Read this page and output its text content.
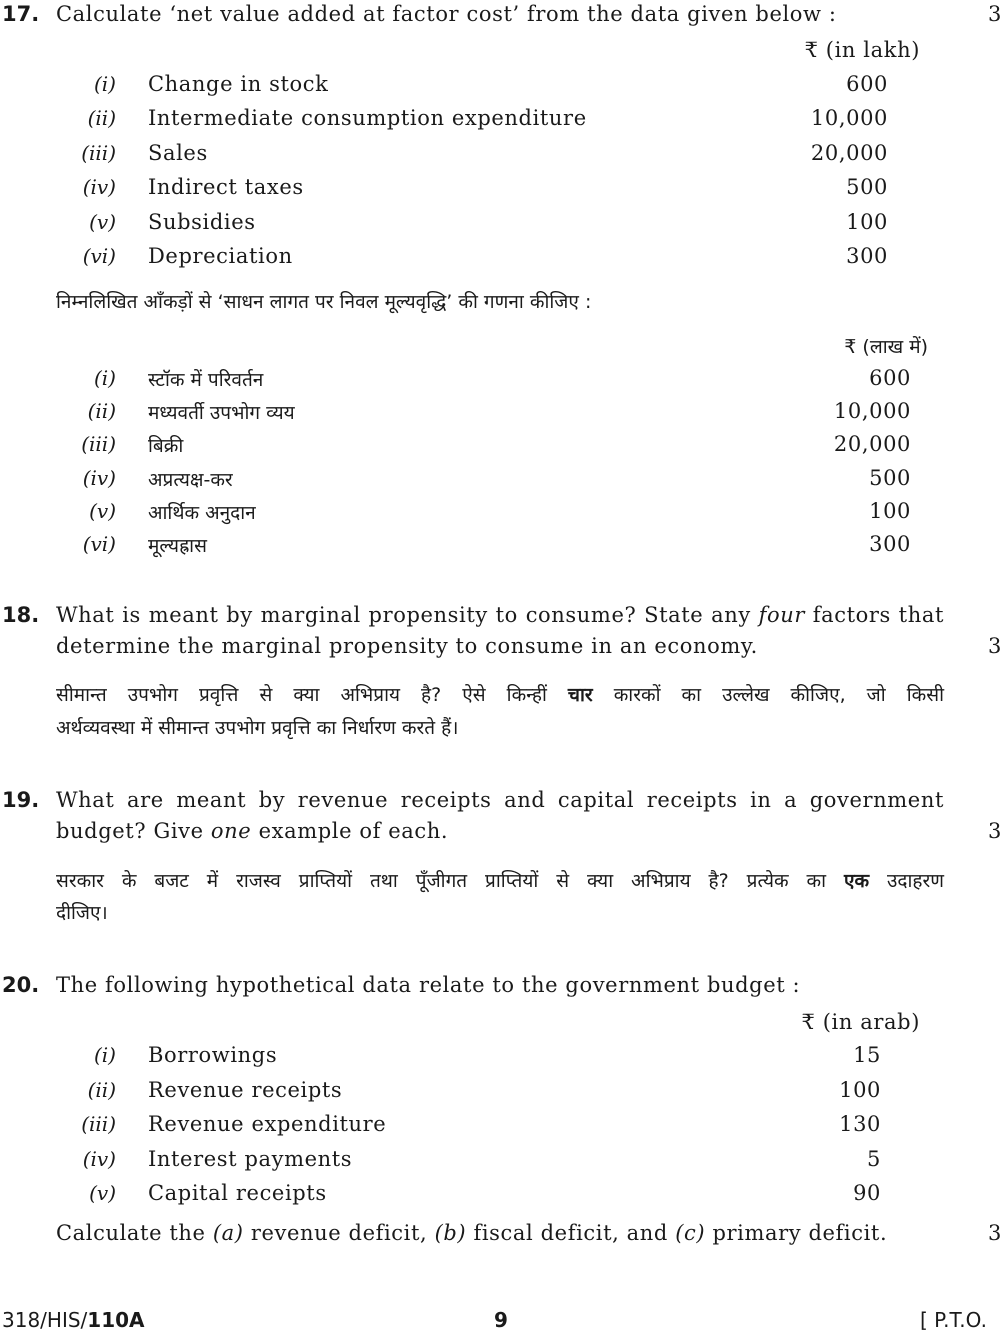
17. Calculate ‘net value added at factor cost’ from the data given below :	3
₹ (in lakh)
(i) Change in stock	600
(ii) Intermediate consumption expenditure	10,000
(iii) Sales	20,000
(iv) Indirect taxes	500
(v) Subsidies	100
(vi) Depreciation	300
निम्नलिखित आँकड़ों से ‘साधन लागत पर निवल मूल्यवृद्धि’ की गणना कीजिए :
₹ (लाख में)
(i) स्टॉक में परिवर्तन	600
(ii) मध्यवर्ती उपभोग व्यय	10,000
(iii) बिक्री	20,000
(iv) अप्रत्यक्ष-कर	500
(v) आर्थिक अनुदान	100
(vi) मूल्यह्रास	300
18. What is meant by marginal propensity to consume? State any four factors that
determine the marginal propensity to consume in an economy.	3
सीमान्त उपभोग प्रवृत्ति से क्या अभिप्राय है? ऐसे किन्हीं चार कारकों का उल्लेख कीजिए, जो किसी
अर्थव्यवस्था में सीमान्त उपभोग प्रवृत्ति का निर्धारण करते हैं।
19. What are meant by revenue receipts and capital receipts in a government
budget? Give one example of each.	3
सरकार के बजट में राजस्व प्राप्तियों तथा पूँजीगत प्राप्तियों से क्या अभिप्राय है? प्रत्येक का एक उदाहरण
दीजिए।
20. The following hypothetical data relate to the government budget :
₹ (in arab)
(i) Borrowings	15
(ii) Revenue receipts	100
(iii) Revenue expenditure	130
(iv) Interest payments	5
(v) Capital receipts	90
Calculate the (a) revenue deficit, (b) fiscal deficit, and (c) primary deficit.	3
318/HIS/110A	9	[ P.T.O.
